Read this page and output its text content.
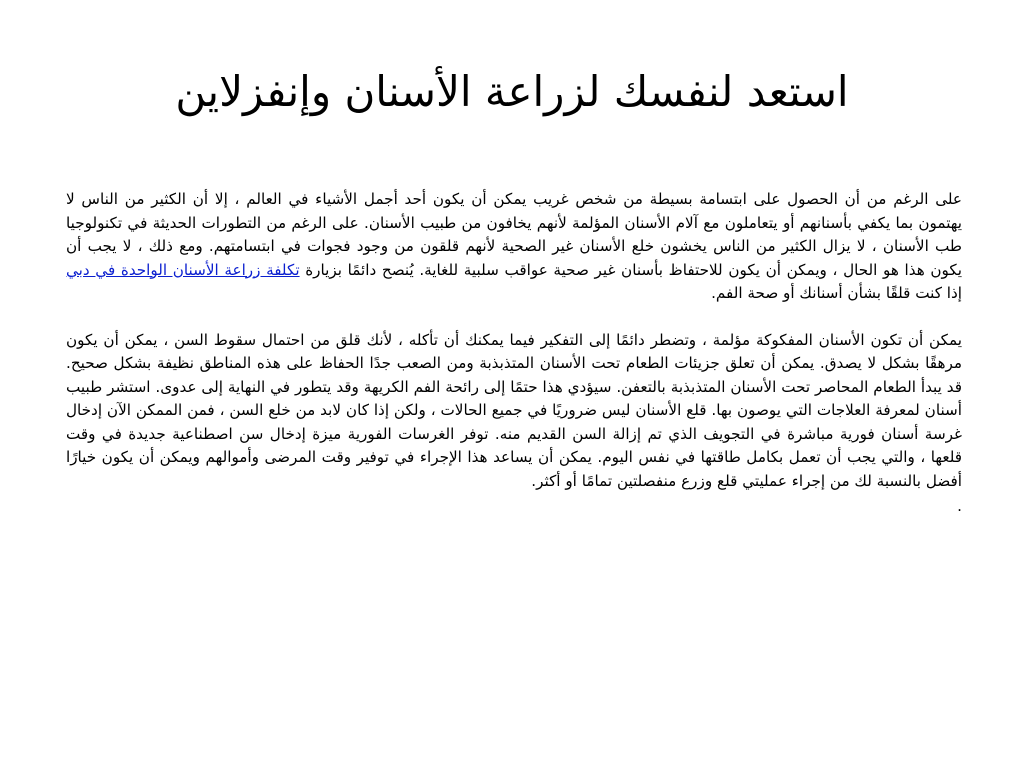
استعد لنفسك لزراعة الأسنان وإنفزلاين

على الرغم من أن الحصول على ابتسامة بسيطة من شخص غريب يمكن أن يكون أحد أجمل الأشياء في العالم ، إلا أن الكثير من الناس لا يهتمون بما يكفي بأسنانهم أو يتعاملون مع آلام الأسنان المؤلمة لأنهم يخافون من طبيب الأسنان. على الرغم من التطورات الحديثة في تكنولوجيا طب الأسنان ، لا يزال الكثير من الناس يخشون خلع الأسنان غير الصحية لأنهم قلقون من وجود فجوات في ابتسامتهم. ومع ذلك ، لا يجب أن يكون هذا هو الحال ، ويمكن أن يكون للاحتفاظ بأسنان غير صحية عواقب سلبية للغاية. يُنصح دائمًا بزيارة تكلفة زراعة الأسنان الواحدة في دبي إذا كنت قلقًا بشأن أسنانك أو صحة الفم.

يمكن أن تكون الأسنان المفكوكة مؤلمة ، وتضطر دائمًا إلى التفكير فيما يمكنك أن تأكله ، لأنك قلق من احتمال سقوط السن ، يمكن أن يكون مرهقًا بشكل لا يصدق. يمكن أن تعلق جزيئات الطعام تحت الأسنان المتذبذبة ومن الصعب جدًا الحفاظ على هذه المناطق نظيفة بشكل صحيح. قد يبدأ الطعام المحاصر تحت الأسنان المتذبذبة بالتعفن. سيؤدي هذا حتمًا إلى رائحة الفم الكريهة وقد يتطور في النهاية إلى عدوى. استشر طبيب أسنان لمعرفة العلاجات التي يوصون بها. قلع الأسنان ليس ضروريًا في جميع الحالات ، ولكن إذا كان لابد من خلع السن ، فمن الممكن الآن إدخال غرسة أسنان فورية مباشرة في التجويف الذي تم إزالة السن القديم منه. توفر الغرسات الفورية ميزة إدخال سن اصطناعية جديدة في وقت قلعها ، والتي يجب أن تعمل بكامل طاقتها في نفس اليوم. يمكن أن يساعد هذا الإجراء في توفير وقت المرضى وأموالهم ويمكن أن يكون خيارًا أفضل بالنسبة لك من إجراء عمليتي قلع وزرع منفصلتين تمامًا أو أكثر.

.
